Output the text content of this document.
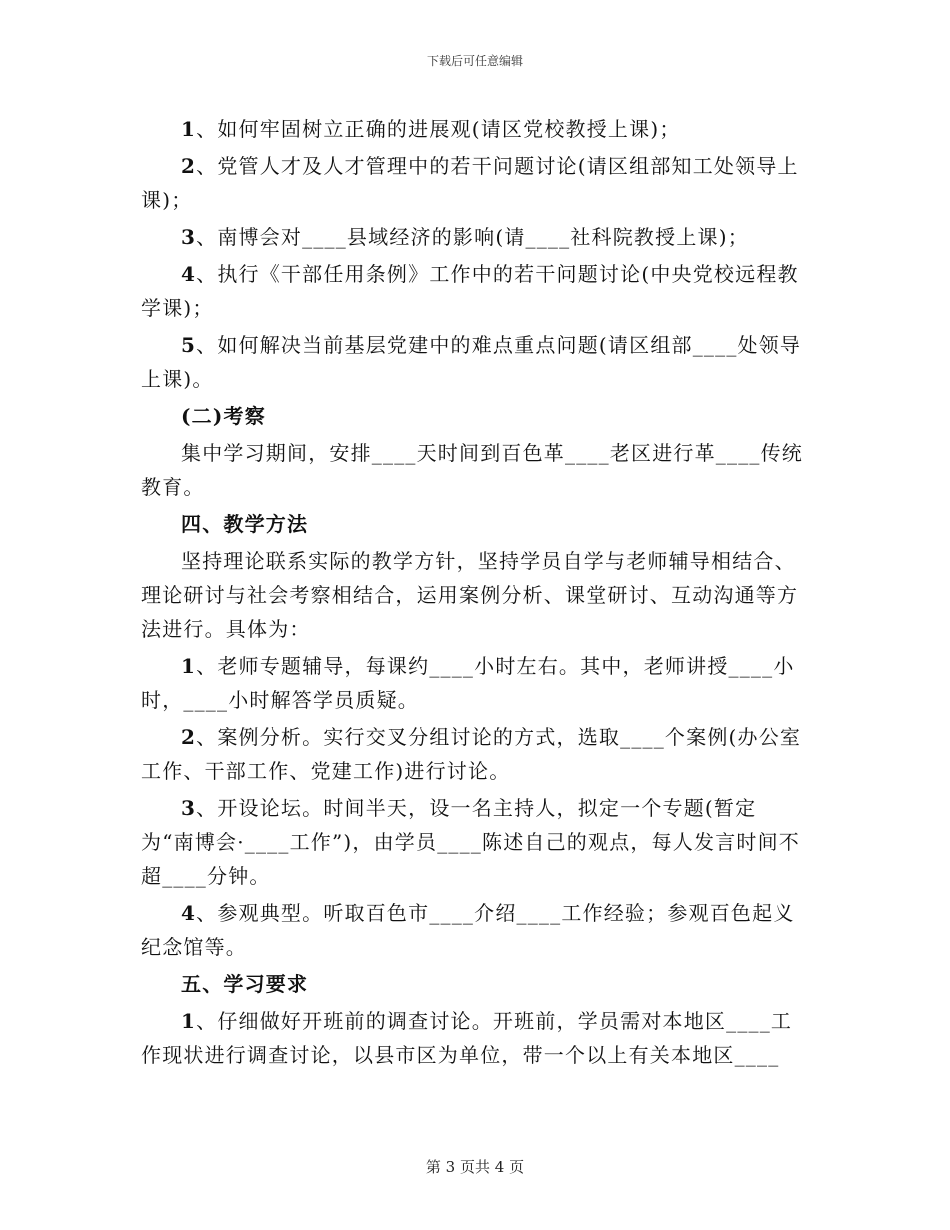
下载后可任意编辑

1、如何牢固树立正确的进展观(请区党校教授上课)；

2、党管人才及人才管理中的若干问题讨论(请区组部知工处领导上课)；

3、南博会对____县域经济的影响(请____社科院教授上课)；

4、执行《干部任用条例》工作中的若干问题讨论(中央党校远程教学课)；

5、如何解决当前基层党建中的难点重点问题(请区组部____处领导上课)。

(二)考察

集中学习期间，安排____天时间到百色革____老区进行革____传统教育。

四、教学方法

坚持理论联系实际的教学方针，坚持学员自学与老师辅导相结合、理论研讨与社会考察相结合，运用案例分析、课堂研讨、互动沟通等方法进行。具体为：

1、老师专题辅导，每课约____小时左右。其中，老师讲授____小时，____小时解答学员质疑。

2、案例分析。实行交叉分组讨论的方式，选取____个案例(办公室工作、干部工作、党建工作)进行讨论。

3、开设论坛。时间半天，设一名主持人，拟定一个专题(暂定为“南博会·____工作”)，由学员____陈述自己的观点，每人发言时间不超____分钟。

4、参观典型。听取百色市____介绍____工作经验；参观百色起义纪念馆等。

五、学习要求

1、仔细做好开班前的调查讨论。开班前，学员需对本地区____工作现状进行调查讨论，以县市区为单位，带一个以上有关本地区____

第 3 页共 4 页
